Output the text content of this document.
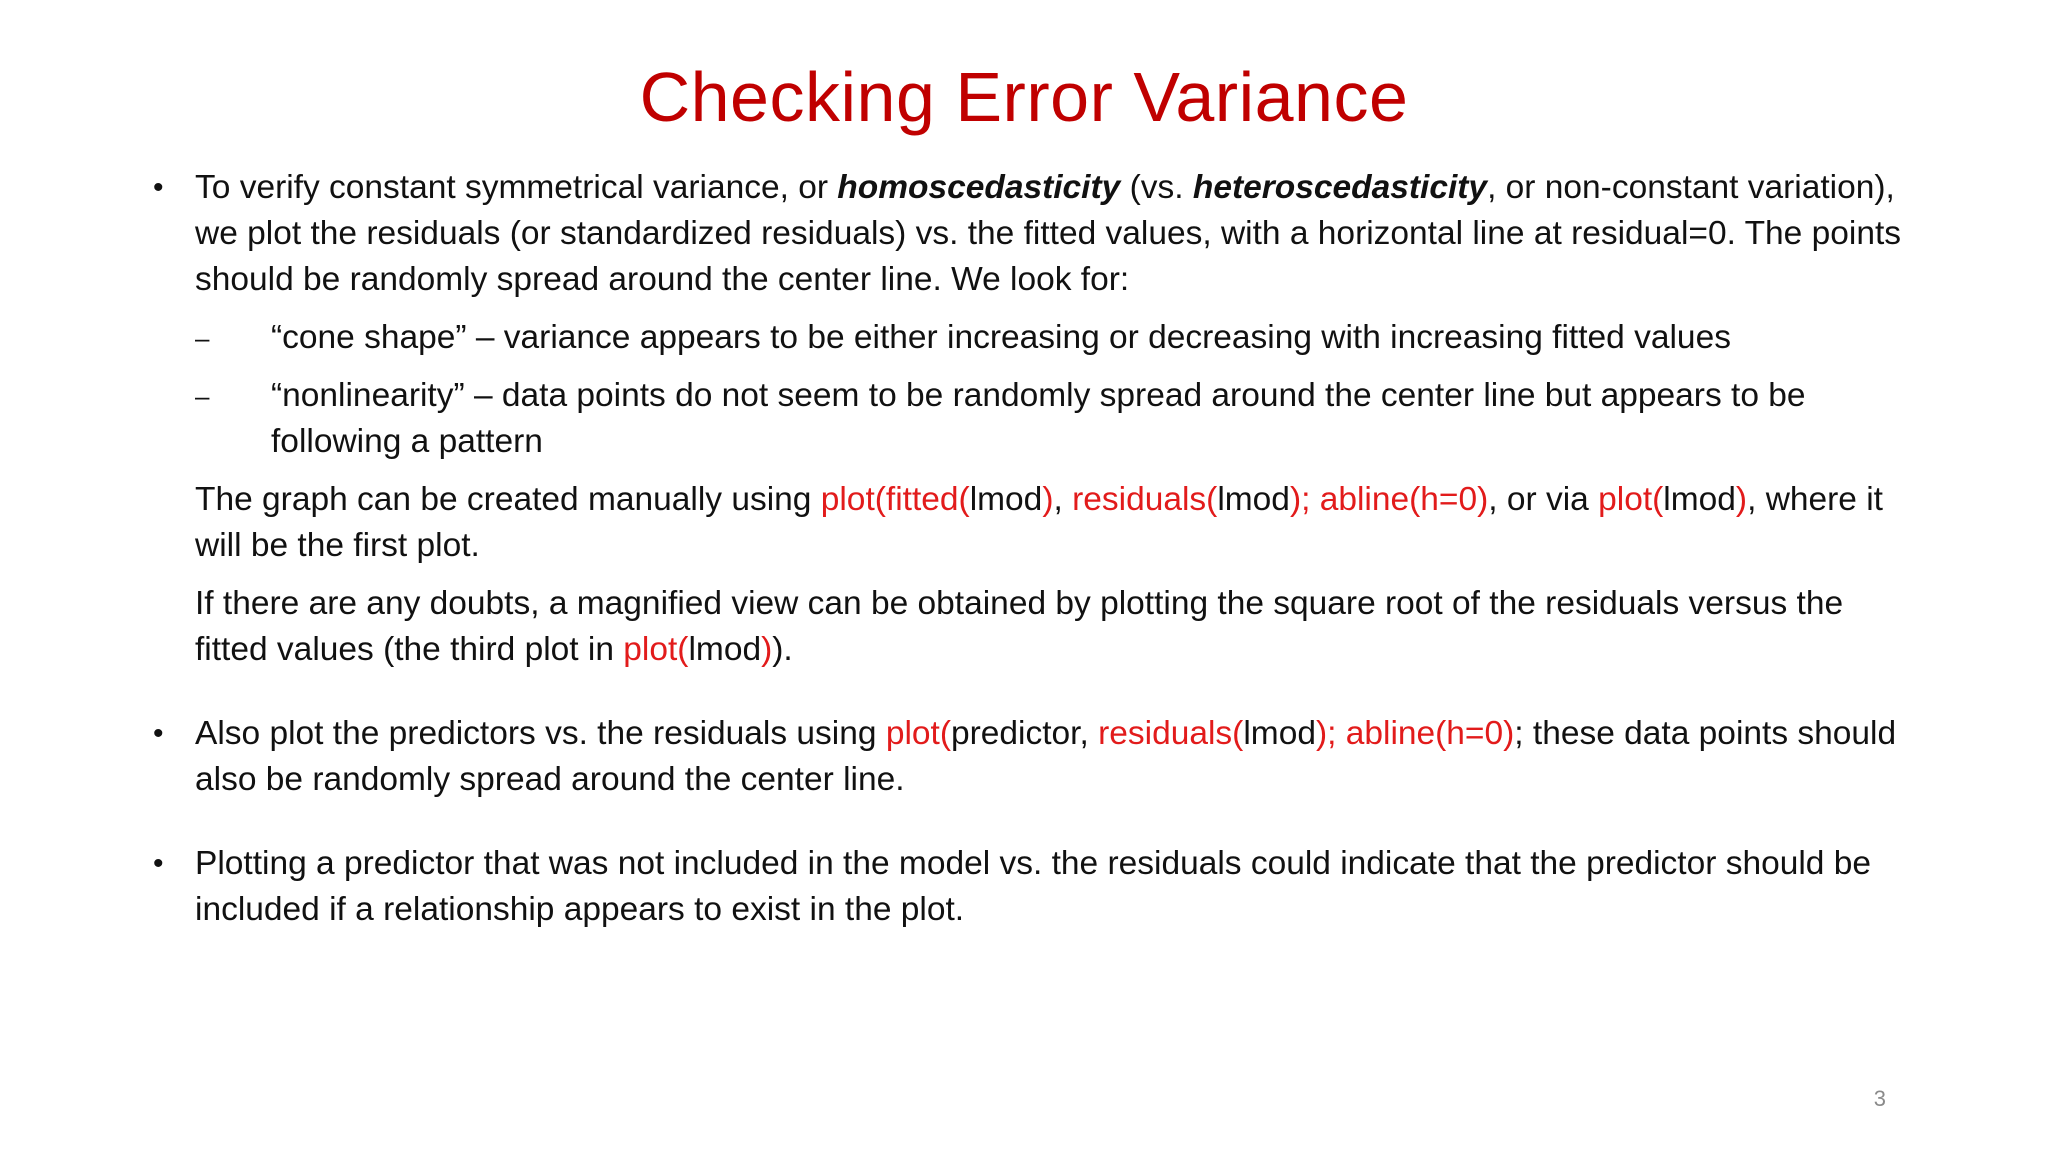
Checking Error Variance
• To verify constant symmetrical variance, or homoscedasticity (vs. heteroscedasticity, or non-constant variation), we plot the residuals (or standardized residuals) vs. the fitted values, with a horizontal line at residual=0. The points should be randomly spread around the center line. We look for:
– “cone shape” – variance appears to be either increasing or decreasing with increasing fitted values
– “nonlinearity” – data points do not seem to be randomly spread around the center line but appears to be following a pattern
The graph can be created manually using plot(fitted(lmod), residuals(lmod); abline(h=0), or via plot(lmod), where it will be the first plot.
If there are any doubts, a magnified view can be obtained by plotting the square root of the residuals versus the fitted values (the third plot in plot(lmod)).
• Also plot the predictors vs. the residuals using plot(predictor, residuals(lmod); abline(h=0); these data points should also be randomly spread around the center line.
• Plotting a predictor that was not included in the model vs. the residuals could indicate that the predictor should be included if a relationship appears to exist in the plot.
3
